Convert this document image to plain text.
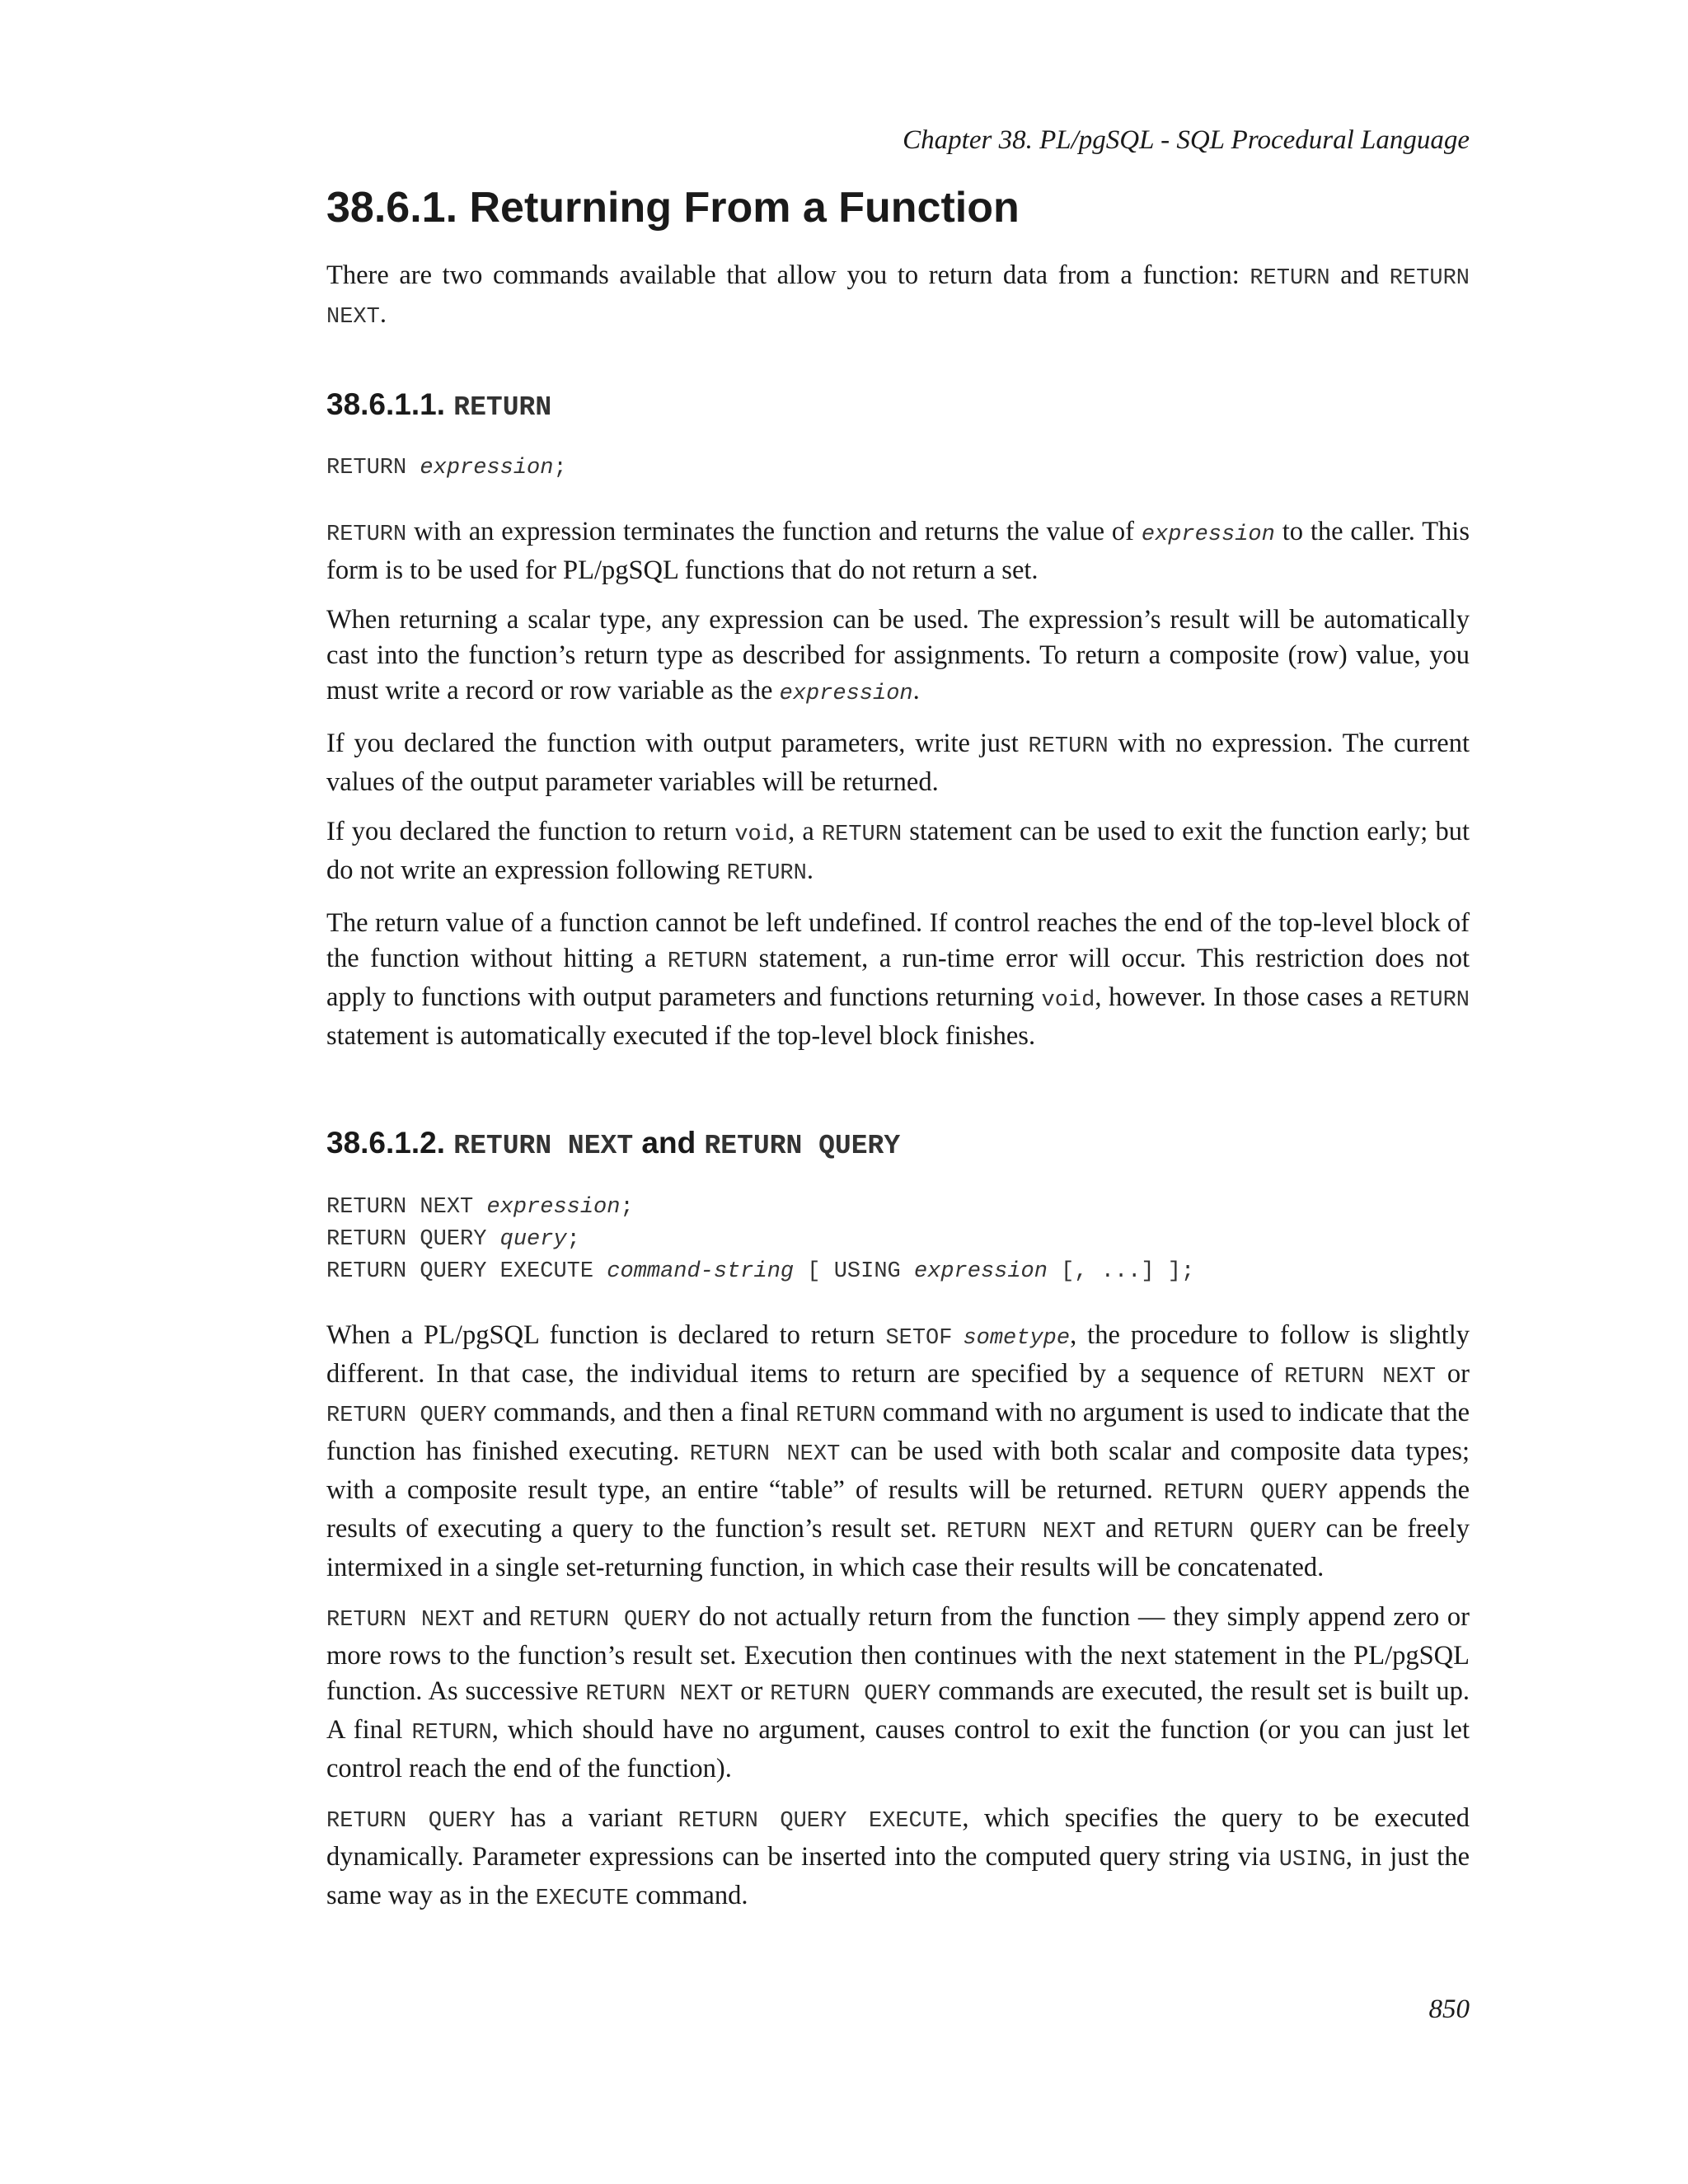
Chapter 38. PL/pgSQL - SQL Procedural Language
38.6.1. Returning From a Function

There are two commands available that allow you to return data from a function: RETURN and RETURN NEXT.

38.6.1.1. RETURN
RETURN expression;

RETURN with an expression terminates the function and returns the value of expression to the caller. This form is to be used for PL/pgSQL functions that do not return a set.

When returning a scalar type, any expression can be used. The expression’s result will be automatically cast into the function’s return type as described for assignments. To return a composite (row) value, you must write a record or row variable as the expression.

If you declared the function with output parameters, write just RETURN with no expression. The current values of the output parameter variables will be returned.

If you declared the function to return void, a RETURN statement can be used to exit the function early; but do not write an expression following RETURN.

The return value of a function cannot be left undefined. If control reaches the end of the top-level block of the function without hitting a RETURN statement, a run-time error will occur. This restriction does not apply to functions with output parameters and functions returning void, however. In those cases a RETURN statement is automatically executed if the top-level block finishes.

38.6.1.2. RETURN NEXT and RETURN QUERY
RETURN NEXT expression;
RETURN QUERY query;
RETURN QUERY EXECUTE command-string [ USING expression [, ...] ];

When a PL/pgSQL function is declared to return SETOF sometype, the procedure to follow is slightly different. In that case, the individual items to return are specified by a sequence of RETURN NEXT or RETURN QUERY commands, and then a final RETURN command with no argument is used to indicate that the function has finished executing. RETURN NEXT can be used with both scalar and composite data types; with a composite result type, an entire “table” of results will be returned. RETURN QUERY appends the results of executing a query to the function’s result set. RETURN NEXT and RETURN QUERY can be freely intermixed in a single set-returning function, in which case their results will be concatenated.

RETURN NEXT and RETURN QUERY do not actually return from the function — they simply append zero or more rows to the function’s result set. Execution then continues with the next statement in the PL/pgSQL function. As successive RETURN NEXT or RETURN QUERY commands are executed, the result set is built up. A final RETURN, which should have no argument, causes control to exit the function (or you can just let control reach the end of the function).

RETURN QUERY has a variant RETURN QUERY EXECUTE, which specifies the query to be executed dynamically. Parameter expressions can be inserted into the computed query string via USING, in just the same way as in the EXECUTE command.

850
